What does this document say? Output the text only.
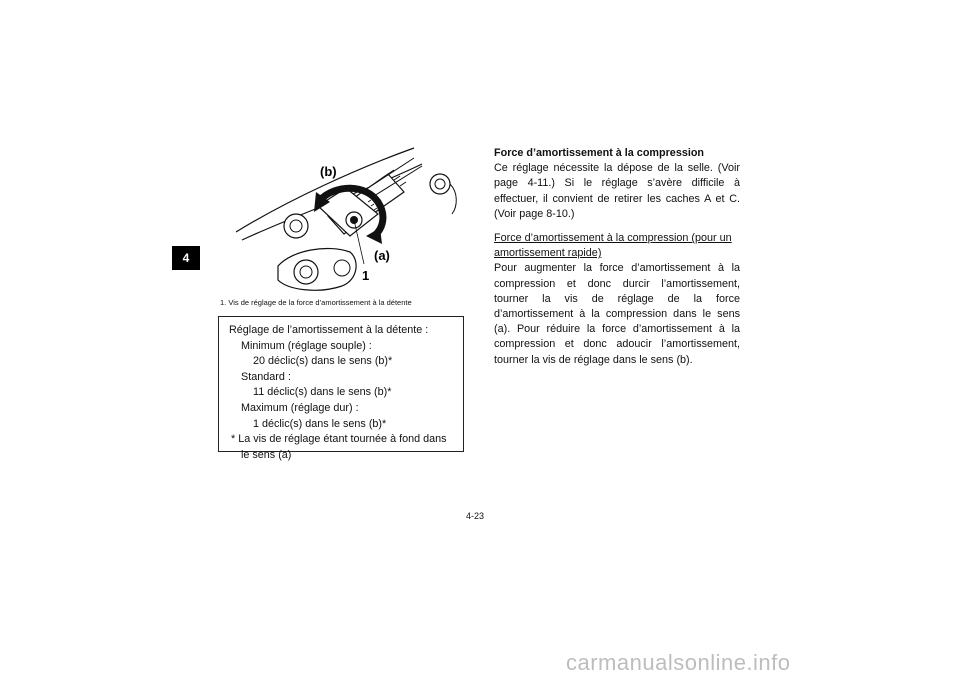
4
(b)
(a)
1
1. Vis de réglage de la force d’amortissement à la détente
Réglage de l’amortissement à la détente :
Minimum (réglage souple) :
20 déclic(s) dans le sens (b)*
Standard :
11 déclic(s) dans le sens (b)*
Maximum (réglage dur) :
1 déclic(s) dans le sens (b)*
* La vis de réglage étant tournée à fond dans le sens (a)

Force d’amortissement à la compression

Ce réglage nécessite la dépose de la selle. (Voir page 4-11.) Si le réglage s’avère difficile à effectuer, il convient de retirer les caches A et C. (Voir page 8-10.)

Force d’amortissement à la compression (pour un amortissement rapide)

Pour augmenter la force d’amortissement à la compression et donc durcir l’amortissement, tourner la vis de réglage de la force d’amortissement à la compression dans le sens (a). Pour réduire la force d’amortissement à la compression et donc adoucir l’amortissement, tourner la vis de réglage dans le sens (b).

4-23
carmanualsonline.info
